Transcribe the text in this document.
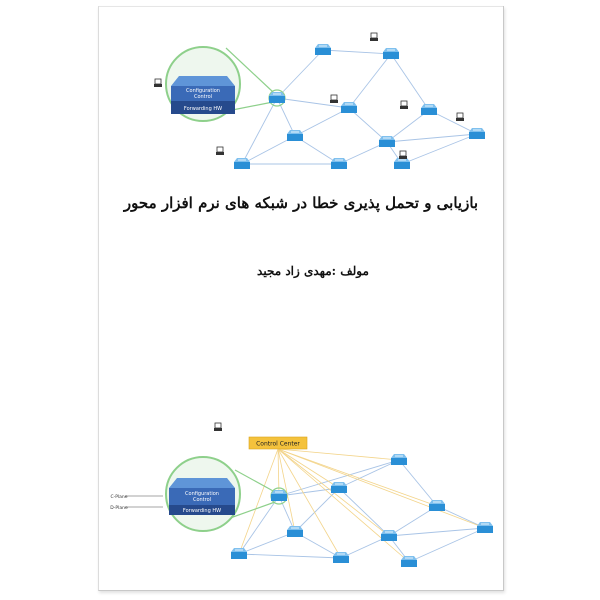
Configuration
Control
Forwarding HW
بازیابی و تحمل پذیری خطا در شبکه های نرم افزار محور
مولف :مهدی زاد مجید
C-Plane
D-Plane
Configuration
Control
Forwarding HW
Control Center
